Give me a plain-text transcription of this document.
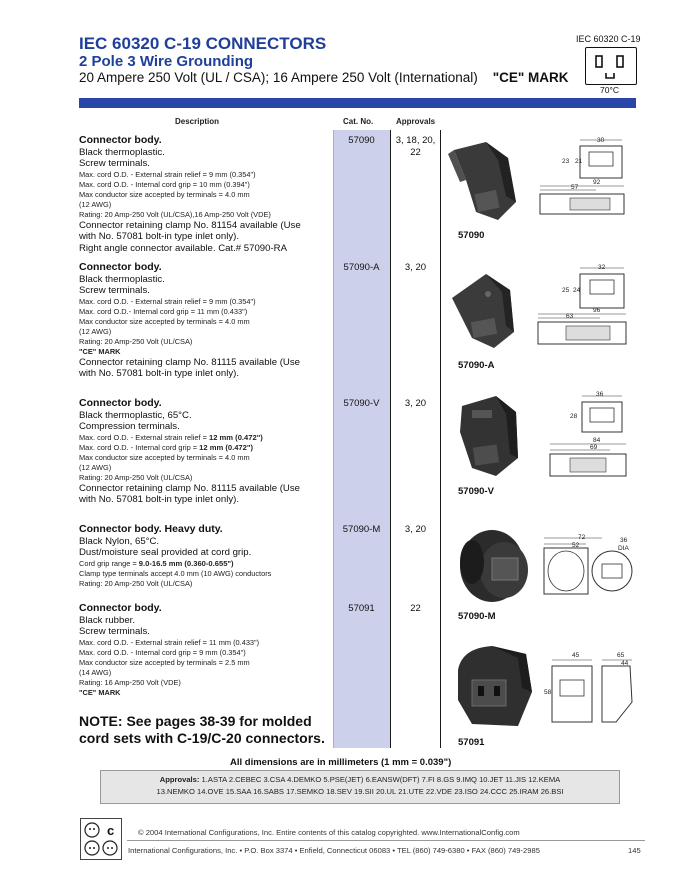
IEC 60320 C-19 CONNECTORS
2 Pole 3 Wire Grounding
20 Ampere 250 Volt (UL / CSA); 16 Ampere 250 Volt (International) "CE" MARK
IEC 60320 C-19
70°C
Description	Cat. No.	Approvals
Connector body.
Black thermoplastic.
Screw terminals.
Max. cord O.D. - External strain relief = 9 mm (0.354")
Max. cord O.D. - Internal cord grip = 10 mm (0.394")
Max conductor size accepted by terminals = 4.0 mm
(12 AWG)
Rating: 20 Amp-250 Volt (UL/CSA),16 Amp-250 Volt (VDE)
Connector retaining clamp No. 81154 available (Use
with No. 57081 bolt-in type inlet only).
Right angle connector available. Cat.# 57090-RA
57090	3, 18, 20,
22
57090
30
23 21
92
57
Connector body.
Black thermoplastic.
Screw terminals.
Max. cord O.D. - External strain relief = 9 mm (0.354")
Max. cord O.D.- Internal cord grip = 11 mm (0.433")
Max conductor size accepted by terminals = 4.0 mm
(12 AWG)
Rating: 20 Amp-250 Volt (UL/CSA)
"CE" MARK
Connector retaining clamp No. 81115 available (Use
with No. 57081 bolt-in type inlet only).
57090-A	3, 20
57090-A
32
25 24
96
63
Connector body.
Black thermoplastic, 65°C.
Compression terminals.
Max. cord O.D. - External strain relief = 12 mm (0.472")
Max. cord O.D. - Internal cord grip = 12 mm (0.472")
Max conductor size accepted by terminals = 4.0 mm
(12 AWG)
Rating: 20 Amp-250 Volt (UL/CSA)
Connector retaining clamp No. 81115 available (Use
with No. 57081 bolt-in type inlet only).
57090-V	3, 20
57090-V
36
28
84
69
Connector body. Heavy duty.
Black Nylon, 65°C.
Dust/moisture seal provided at cord grip.
Cord grip range = 9.0-16.5 mm (0.360-0.655")
Clamp type terminals accept 4.0 mm (10 AWG) conductors
Rating: 20 Amp-250 Volt (UL/CSA)
57090-M	3, 20
57090-M
72
52
36
DIA
Connector body.
Black rubber.
Screw terminals.
Max. cord O.D. - External strain relief = 11 mm (0.433")
Max. cord O.D. - Internal cord grip = 9 mm (0.354")
Max conductor size accepted by terminals = 2.5 mm
(14 AWG)
Rating: 16 Amp-250 Volt (VDE)
"CE" MARK
57091	22
57091
45	65
44
58
NOTE: See pages 38-39 for molded cord sets with C-19/C-20 connectors.
All dimensions are in millimeters (1 mm = 0.039")
Approvals: 1.ASTA 2.CEBEC 3.CSA 4.DEMKO 5.PSE(JET) 6.EANSW(DFT) 7.FI 8.GS 9.IMQ 10.JET 11.JIS 12.KEMA
13.NEMKO 14.OVE 15.SAA 16.SABS 17.SEMKO 18.SEV 19.SII 20.UL 21.UTE 22.VDE 23.ISO 24.CCC 25.IRAM 26.BSI
c	© 2004 International Configurations, Inc. Entire contents of this catalog copyrighted. www.InternationalConfig.com
International Configurations, Inc. • P.O. Box 3374 • Enfield, Connecticut 06083 • TEL (860) 749-6380 • FAX (860) 749-2985	145
